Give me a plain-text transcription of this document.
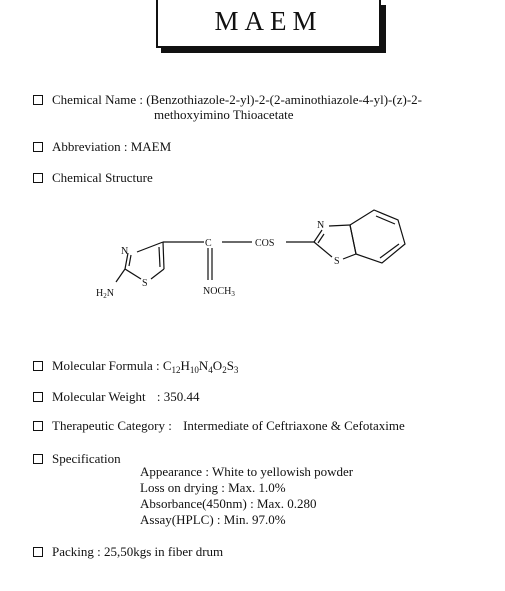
MAEM
Chemical Name : (Benzothiazole-2-yl)-2-(2-aminothiazole-4-yl)-(z)-2-
methoxyimino Thioacetate
Abbreviation : MAEM
Chemical Structure
N
S
$H_2N$
C
$NOCH_3$
COS
N
S
Molecular Formula : $C_{12}H_{10}N_4O_2S_3$
Molecular Weight : 350.44
Therapeutic Category : Intermediate of Ceftriaxone & Cefotaxime
Specification
Appearance : White to yellowish powder
Loss on drying : Max. 1.0%
Absorbance(450nm) : Max. 0.280
Assay(HPLC) : Min. 97.0%
Packing : 25,50kgs in fiber drum
